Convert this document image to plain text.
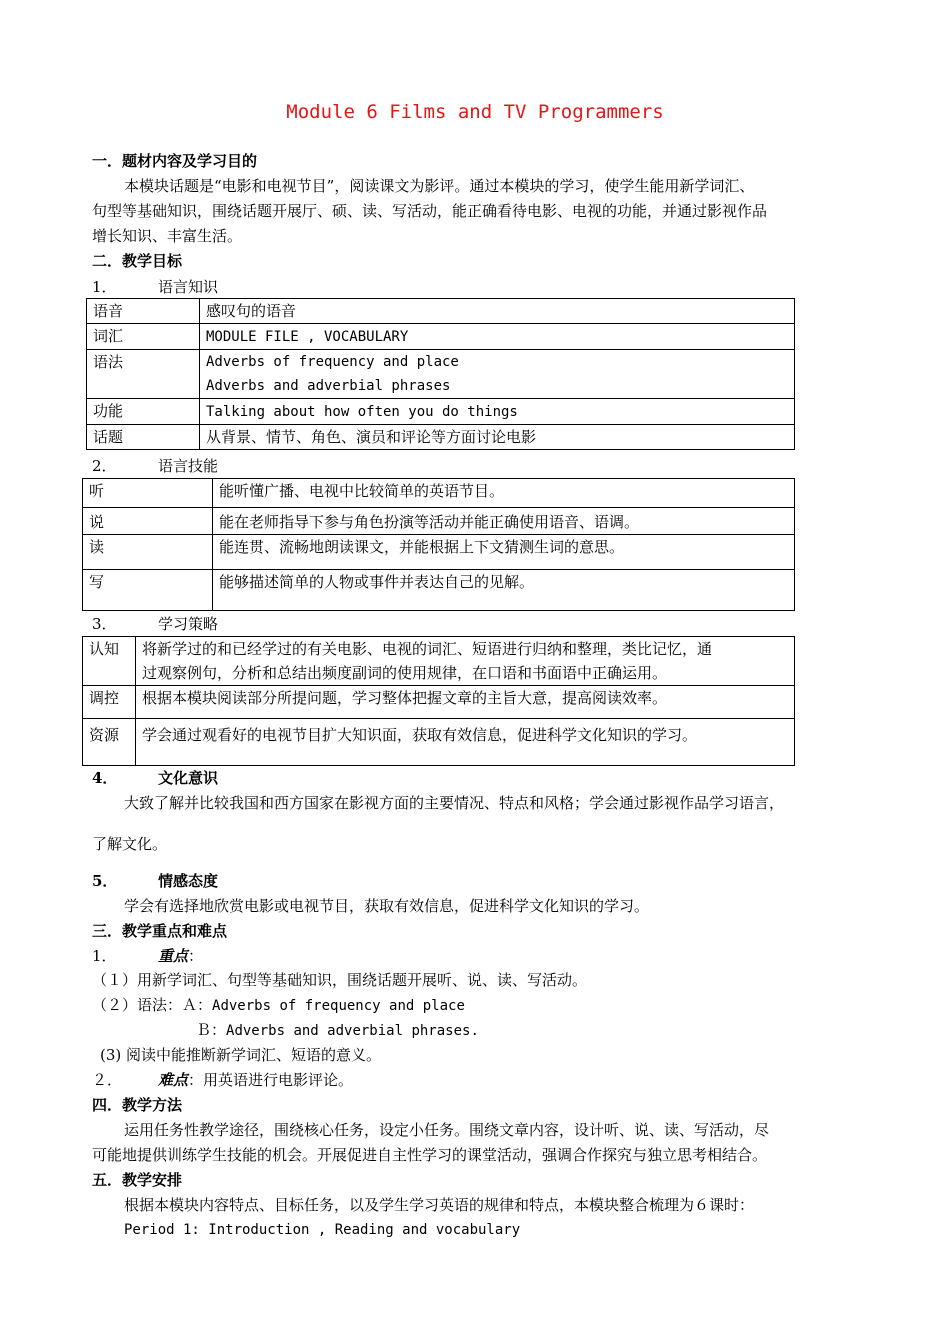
Module 6 Films and TV Programmers
一．题材内容及学习目的
本模块话题是“电影和电视节目”，阅读课文为影评。通过本模块的学习，使学生能用新学词汇、
句型等基础知识，围绕话题开展厅、硕、读、写活动，能正确看待电影、电视的功能，并通过影视作品
增长知识、丰富生活。
二．教学目标
1．	语言知识
语音	感叹句的语音
词汇	MODULE FILE , VOCABULARY
语法	Adverbs of frequency and place
Adverbs and adverbial phrases

功能	Talking about how often you do things
话题	从背景、情节、角色、演员和评论等方面讨论电影
2．	语言技能
听	能听懂广播、电视中比较简单的英语节目。
说	能在老师指导下参与角色扮演等活动并能正确使用语音、语调。
读	能连贯、流畅地朗读课文，并能根据上下文猜测生词的意思。
写	能够描述简单的人物或事件并表达自己的见解。
3．	学习策略
认知	将新学过的和已经学过的有关电影、电视的词汇、短语进行归纳和整理，类比记忆，通
过观察例句，分析和总结出频度副词的使用规律，在口语和书面语中正确运用。

调控	根据本模块阅读部分所提问题，学习整体把握文章的主旨大意，提高阅读效率。
资源	学会通过观看好的电视节目扩大知识面，获取有效信息，促进科学文化知识的学习。
4．	文化意识
大致了解并比较我国和西方国家在影视方面的主要情况、特点和风格；学会通过影视作品学习语言，
了解文化。
5．	情感态度
学会有选择地欣赏电影或电视节目，获取有效信息，促进科学文化知识的学习。
三．教学重点和难点
1．	重点：
（１）用新学词汇、句型等基础知识，围绕话题开展听、说、读、写活动。
（２）语法：Ａ：Adverbs of frequency and place
Ｂ：Adverbs and adverbial phrases.
(3) 阅读中能推断新学词汇、短语的意义。
２． 难点：用英语进行电影评论。
四．教学方法
运用任务性教学途径，围绕核心任务，设定小任务。围绕文章内容，设计听、说、读、写活动，尽
可能地提供训练学生技能的机会。开展促进自主性学习的课堂活动，强调合作探究与独立思考相结合。
五．教学安排
根据本模块内容特点、目标任务，以及学生学习英语的规律和特点，本模块整合梳理为６课时：
Period 1: Introduction , Reading and vocabulary
